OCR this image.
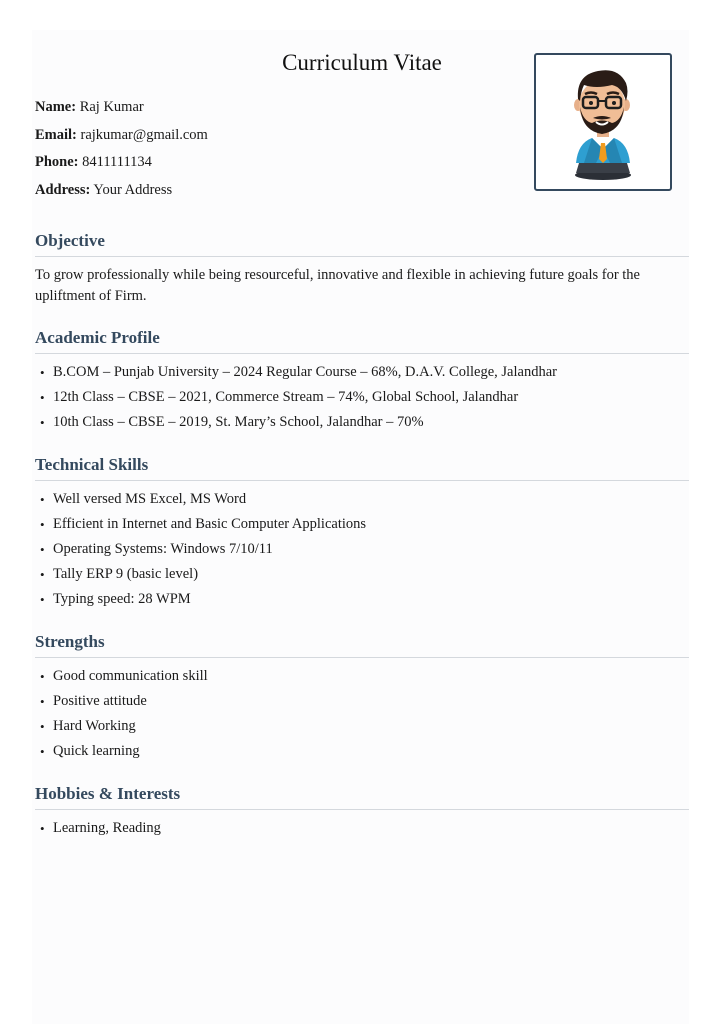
Curriculum Vitae
Name: Raj Kumar
Email: rajkumar@gmail.com
Phone: 8411111134
Address: Your Address
Objective

To grow professionally while being resourceful, innovative and flexible in achieving future goals for the upliftment of Firm.

Academic Profile
• B.COM – Punjab University – 2024 Regular Course – 68%, D.A.V. College, Jalandhar
• 12th Class – CBSE – 2021, Commerce Stream – 74%, Global School, Jalandhar
• 10th Class – CBSE – 2019, St. Mary’s School, Jalandhar – 70%
Technical Skills
• Well versed MS Excel, MS Word
• Efficient in Internet and Basic Computer Applications
• Operating Systems: Windows 7/10/11
• Tally ERP 9 (basic level)
• Typing speed: 28 WPM
Strengths
• Good communication skill
• Positive attitude
• Hard Working
• Quick learning
Hobbies & Interests
• Learning, Reading
